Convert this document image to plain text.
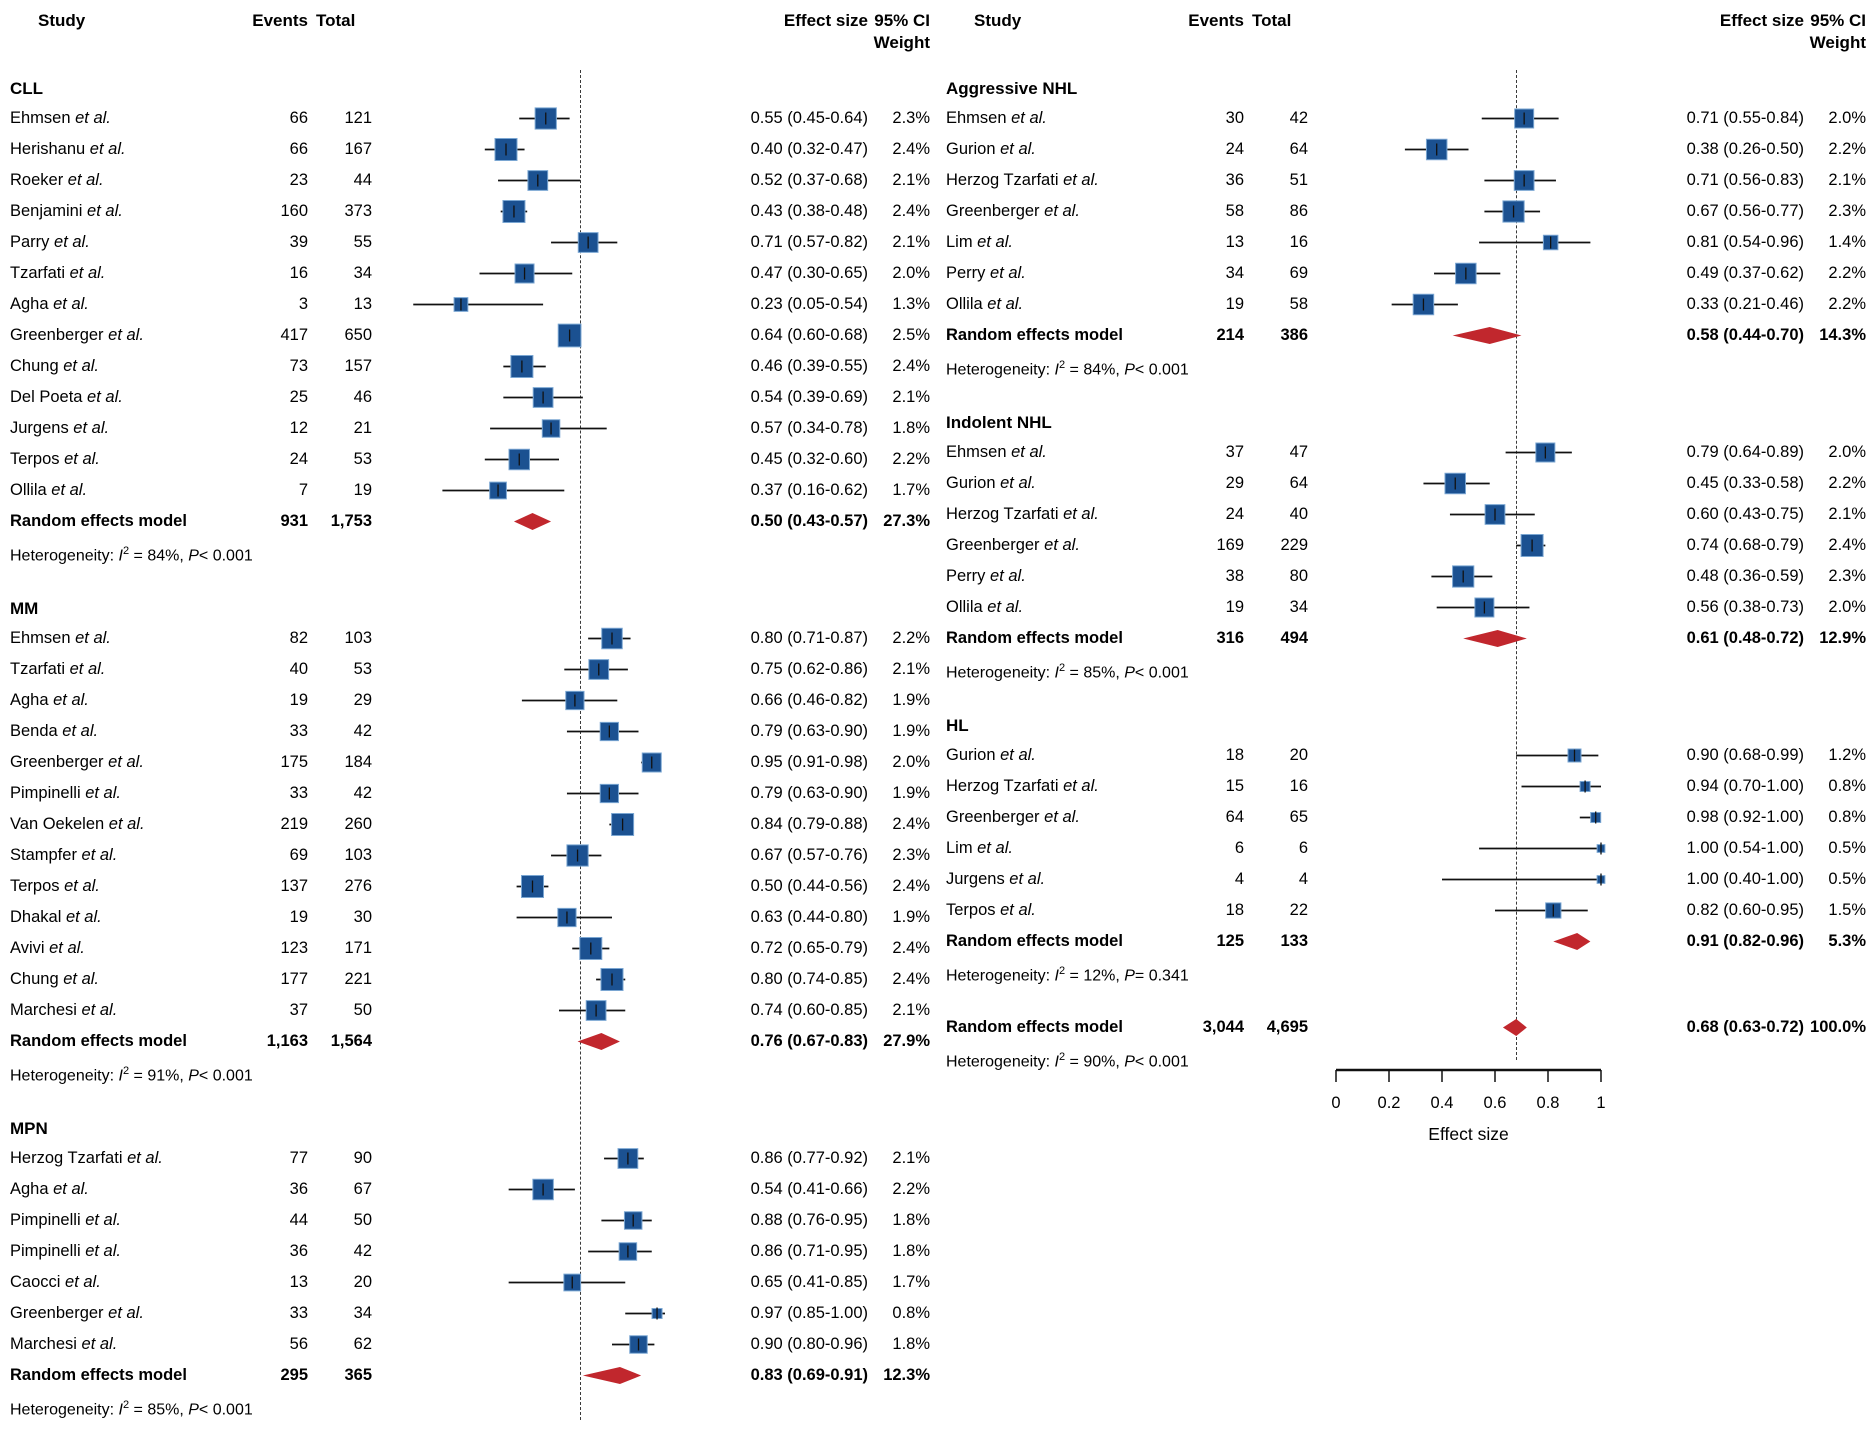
Study	Events Total	Effect size 95% CI
Weight
CLL
Ehmsen et al.	66	121	0.55 (0.45-0.64)	2.3%
Herishanu et al.	66	167	0.40 (0.32-0.47)	2.4%
Roeker et al.	23	44	0.52 (0.37-0.68)	2.1%
Benjamini et al.	160	373	0.43 (0.38-0.48)	2.4%
Parry et al.	39	55	0.71 (0.57-0.82)	2.1%
Tzarfati et al.	16	34	0.47 (0.30-0.65)	2.0%
Agha et al.	3	13	0.23 (0.05-0.54)	1.3%
Greenberger et al.	417	650	0.64 (0.60-0.68)	2.5%
Chung et al.	73	157	0.46 (0.39-0.55)	2.4%
Del Poeta et al.	25	46	0.54 (0.39-0.69)	2.1%
Jurgens et al.	12	21	0.57 (0.34-0.78)	1.8%
Terpos et al.	24	53	0.45 (0.32-0.60)	2.2%
Ollila et al.	7	19	0.37 (0.16-0.62)	1.7%
Random effects model	931	1,753	0.50 (0.43-0.57) 27.3%
Heterogeneity: $I^2 = 84\%$, P< 0.001
MM
Ehmsen et al.	82	103	0.80 (0.71-0.87)	2.2%
Tzarfati et al.	40	53	0.75 (0.62-0.86)	2.1%
Agha et al.	19	29	0.66 (0.46-0.82)	1.9%
Benda et al.	33	42	0.79 (0.63-0.90)	1.9%
Greenberger et al.	175	184	0.95 (0.91-0.98)	2.0%
Pimpinelli et al.	33	42	0.79 (0.63-0.90)	1.9%
Van Oekelen et al.	219	260	0.84 (0.79-0.88)	2.4%
Stampfer et al.	69	103	0.67 (0.57-0.76)	2.3%
Terpos et al.	137	276	0.50 (0.44-0.56)	2.4%
Dhakal et al.	19	30	0.63 (0.44-0.80)	1.9%
Avivi et al.	123	171	0.72 (0.65-0.79)	2.4%
Chung et al.	177	221	0.80 (0.74-0.85)	2.4%
Marchesi et al.	37	50	0.74 (0.60-0.85)	2.1%
Random effects model	1,163	1,564	0.76 (0.67-0.83) 27.9%
Heterogeneity: $I^2 = 91\%$, P< 0.001
MPN
Herzog Tzarfati et al.	77	90	0.86 (0.77-0.92)	2.1%
Agha et al.	36	67	0.54 (0.41-0.66)	2.2%
Pimpinelli et al.	44	50	0.88 (0.76-0.95)	1.8%
Pimpinelli et al.	36	42	0.86 (0.71-0.95)	1.8%
Caocci et al.	13	20	0.65 (0.41-0.85)	1.7%
Greenberger et al.	33	34	0.97 (0.85-1.00)	0.8%
Marchesi et al.	56	62	0.90 (0.80-0.96)	1.8%
Random effects model	295	365	0.83 (0.69-0.91) 12.3%
Heterogeneity: $I^2 = 85\%$, P< 0.001
Study	Events Total	Effect size 95% CI
Weight
Aggressive NHL
Ehmsen et al.	30	42	0.71 (0.55-0.84)	2.0%
Gurion et al.	24	64	0.38 (0.26-0.50)	2.2%
Herzog Tzarfati et al.	36	51	0.71 (0.56-0.83)	2.1%
Greenberger et al.	58	86	0.67 (0.56-0.77)	2.3%
Lim et al.	13	16	0.81 (0.54-0.96)	1.4%
Perry et al.	34	69	0.49 (0.37-0.62)	2.2%
Ollila et al.	19	58	0.33 (0.21-0.46)	2.2%
Random effects model	214	386	0.58 (0.44-0.70) 14.3%
Heterogeneity: $I^2 = 84\%$, P< 0.001
Indolent NHL
Ehmsen et al.	37	47	0.79 (0.64-0.89)	2.0%
Gurion et al.	29	64	0.45 (0.33-0.58)	2.2%
Herzog Tzarfati et al.	24	40	0.60 (0.43-0.75)	2.1%
Greenberger et al.	169	229	0.74 (0.68-0.79)	2.4%
Perry et al.	38	80	0.48 (0.36-0.59)	2.3%
Ollila et al.	19	34	0.56 (0.38-0.73)	2.0%
Random effects model	316	494	0.61 (0.48-0.72) 12.9%
Heterogeneity: $I^2 = 85\%$, P< 0.001
HL
Gurion et al.	18	20	0.90 (0.68-0.99)	1.2%
Herzog Tzarfati et al.	15	16	0.94 (0.70-1.00)	0.8%
Greenberger et al.	64	65	0.98 (0.92-1.00)	0.8%
Lim et al.	6	6	1.00 (0.54-1.00)	0.5%
Jurgens et al.	4	4	1.00 (0.40-1.00)	0.5%
Terpos et al.	18	22	0.82 (0.60-0.95)	1.5%
Random effects model	125	133	0.91 (0.82-0.96)	5.3%
Heterogeneity: $I^2 = 12\%$, P= 0.341
Random effects model	3,044	4,695	0.68 (0.63-0.72) 100.0%
Heterogeneity: $I^2 = 90\%$, P< 0.001
0 0.2 0.4 0.6 0.8 1
Effect size
